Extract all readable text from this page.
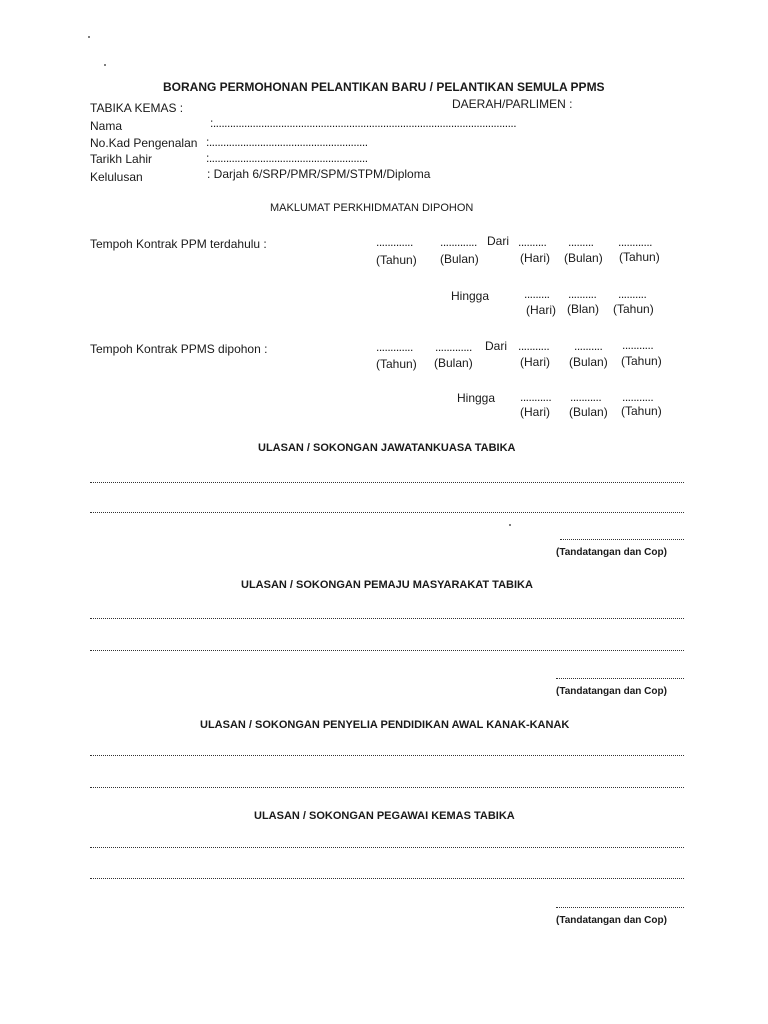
BORANG PERMOHONAN PELANTIKAN BARU / PELANTIKAN SEMULA PPMS
TABIKA KEMAS :	DAERAH/PARLIMEN :
Nama	:...........................................................................................................
No.Kad Pengenalan :........................................................
Tarikh Lahir	:........................................................
Kelulusan	: Darjah 6/SRP/PMR/SPM/STPM/Diploma
MAKLUMAT PERKHIDMATAN DIPOHON
Tempoh Kontrak PPM terdahulu :	............. ............. Dari .......... ......... ............
(Tahun) (Bulan)	(Hari) (Bulan) (Tahun)
Hingga	......... .......... ..........
(Hari) (Blan) (Tahun)
Tempoh Kontrak PPMS dipohon :	............. ............. Dari ........... .......... ...........
(Tahun) (Bulan)	(Hari) (Bulan) (Tahun)
Hingga ........... ........... ...........
(Hari) (Bulan) (Tahun)
ULASAN / SOKONGAN JAWATANKUASA TABIKA
(Tandatangan dan Cop)
ULASAN / SOKONGAN PEMAJU MASYARAKAT TABIKA
(Tandatangan dan Cop)
ULASAN / SOKONGAN PENYELIA PENDIDIKAN AWAL KANAK-KANAK
ULASAN / SOKONGAN PEGAWAI KEMAS TABIKA
(Tandatangan dan Cop)
